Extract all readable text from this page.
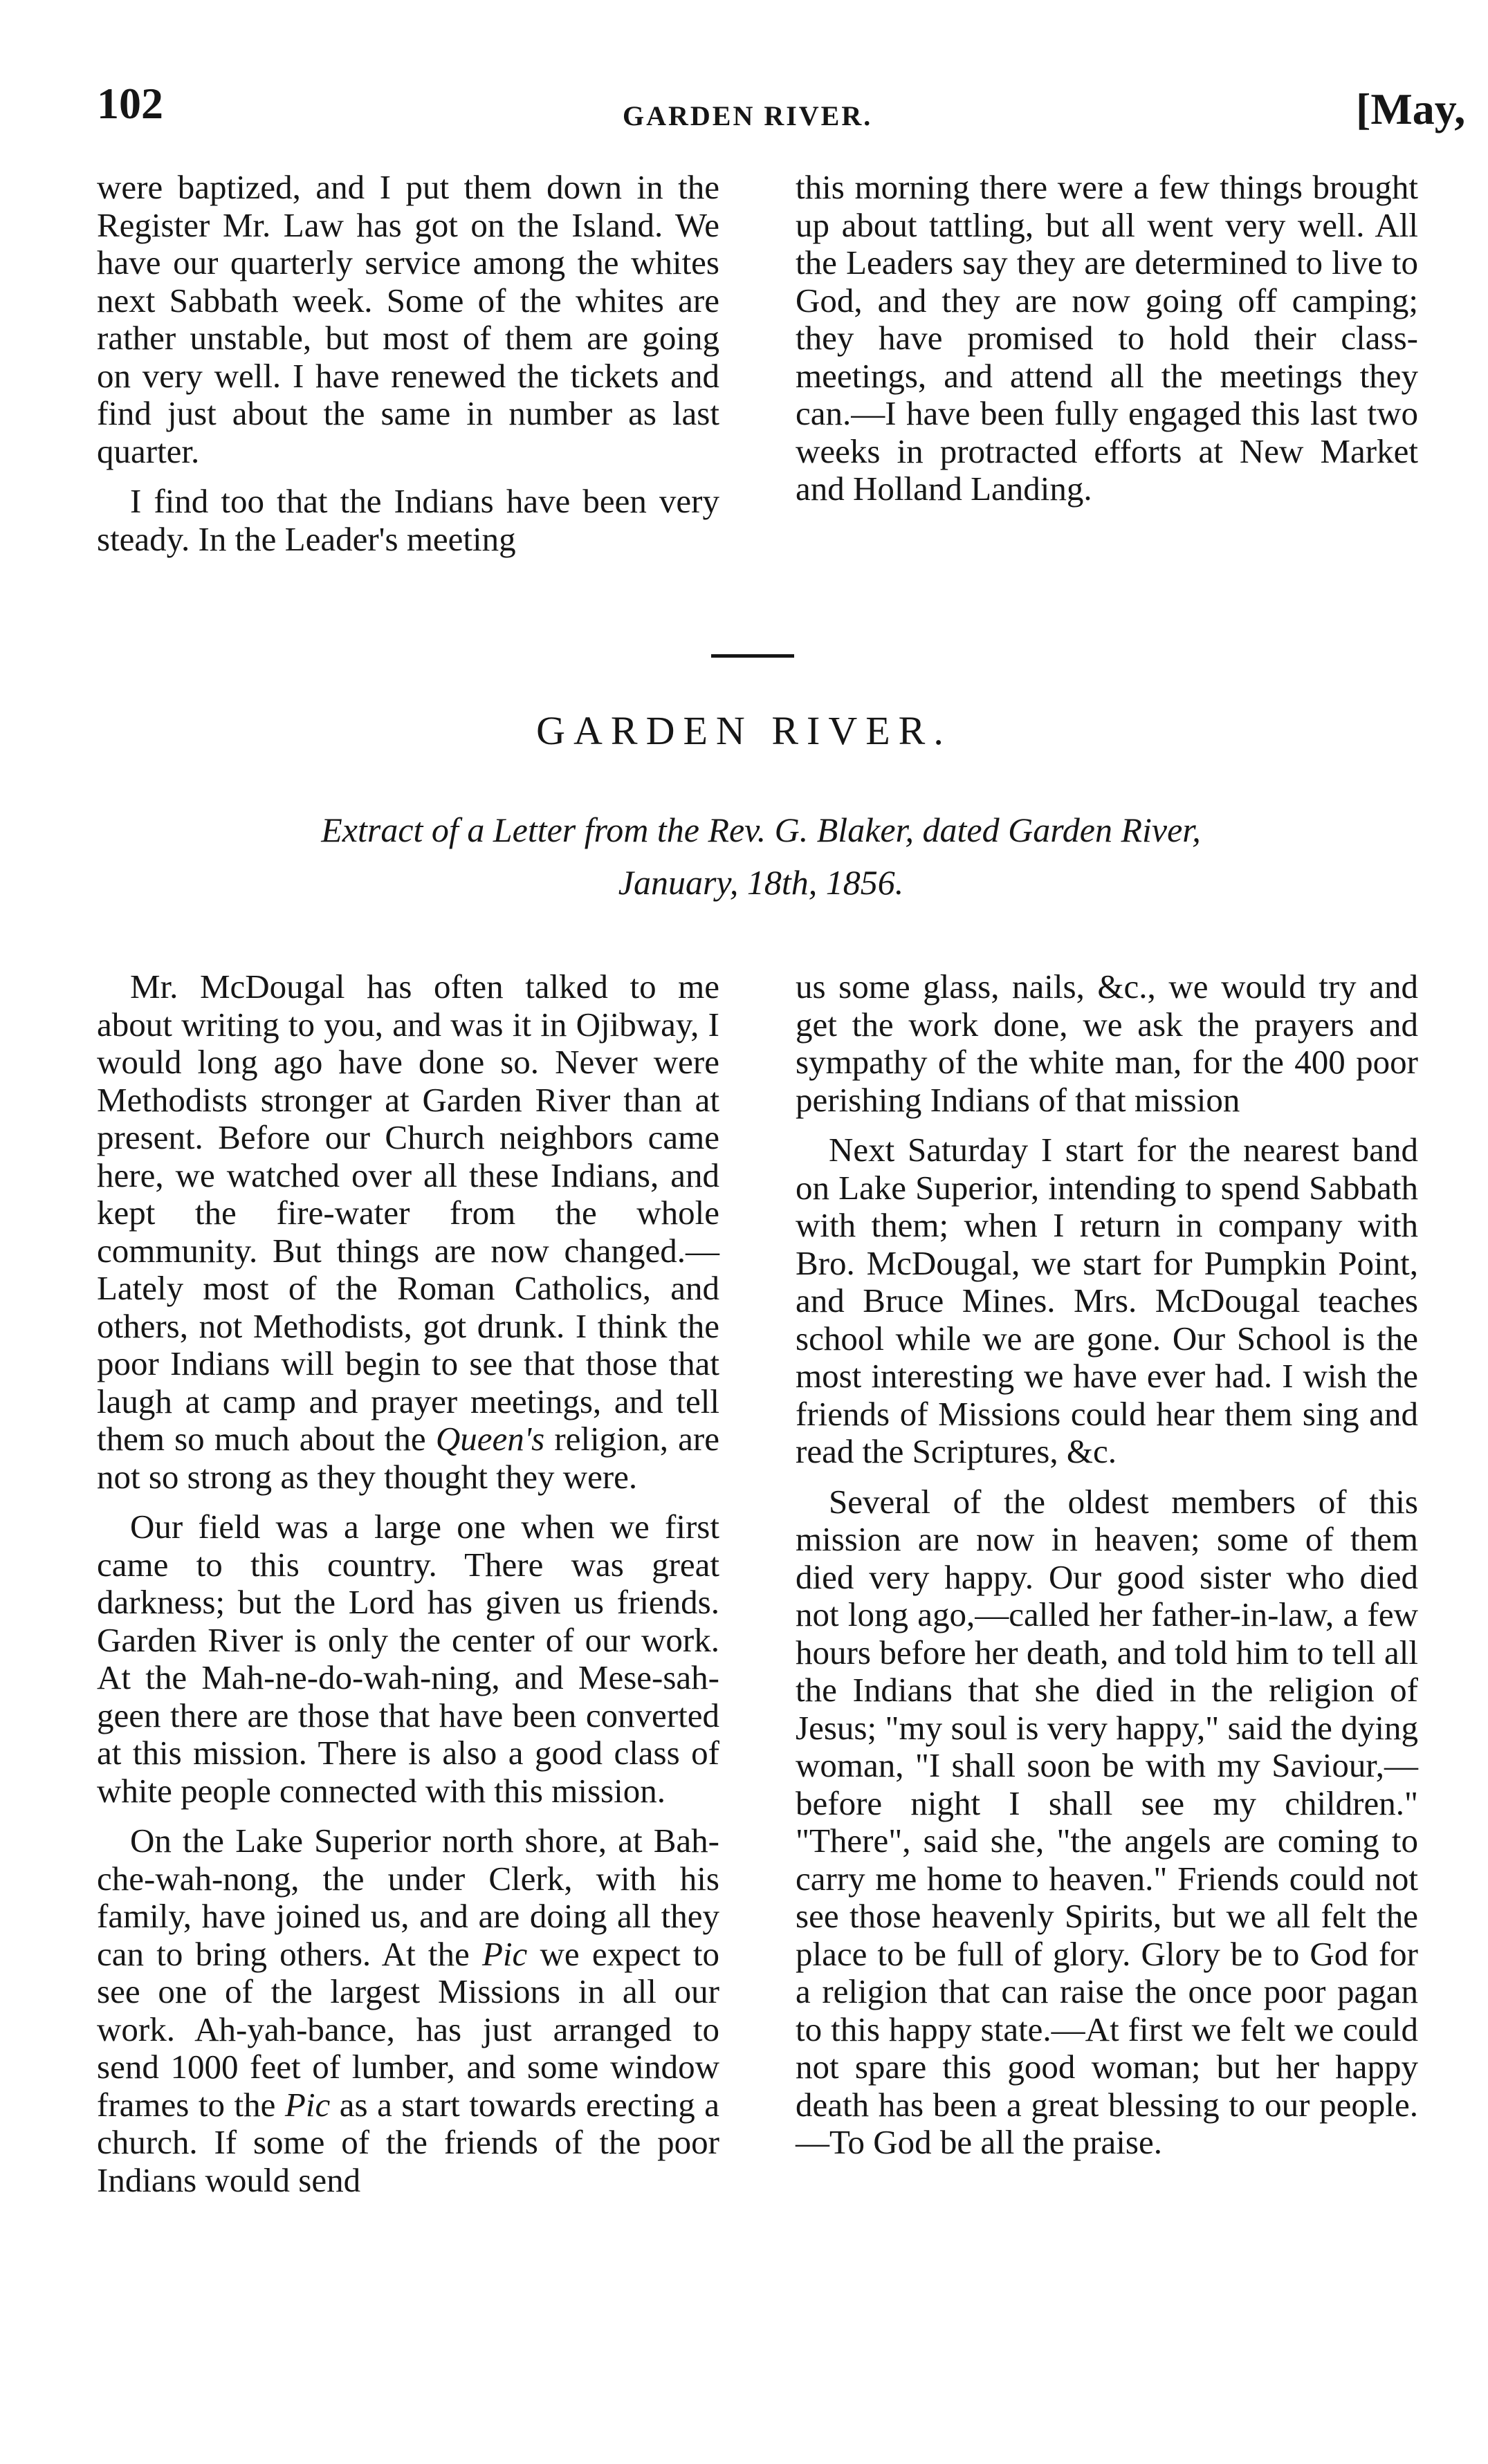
102	GARDEN RIVER.	[May,

were baptized, and I put them down in the Register Mr. Law has got on the Island. We have our quarterly service among the whites next Sabbath week. Some of the whites are rather unstable, but most of them are going on very well. I have renewed the tickets and find just about the same in number as last quarter.

I find too that the Indians have been very steady. In the Leader's meeting

this morning there were a few things brought up about tattling, but all went very well. All the Leaders say they are determined to live to God, and they are now going off camping; they have promised to hold their class-meetings, and attend all the meetings they can.—I have been fully engaged this last two weeks in protracted efforts at New Market and Holland Landing.

GARDEN RIVER.
Extract of a Letter from the Rev. G. Blaker, dated Garden River,
January, 18th, 1856.

Mr. McDougal has often talked to me about writing to you, and was it in Ojibway, I would long ago have done so. Never were Methodists stronger at Garden River than at present. Before our Church neighbors came here, we watched over all these Indians, and kept the fire-water from the whole community. But things are now changed.—Lately most of the Roman Catholics, and others, not Methodists, got drunk. I think the poor Indians will begin to see that those that laugh at camp and prayer meetings, and tell them so much about the Queen's religion, are not so strong as they thought they were.

Our field was a large one when we first came to this country. There was great darkness; but the Lord has given us friends. Garden River is only the center of our work. At the Mah-ne-do-wah-ning, and Mese-sah-geen there are those that have been converted at this mission. There is also a good class of white people connected with this mission.

On the Lake Superior north shore, at Bah-che-wah-nong, the under Clerk, with his family, have joined us, and are doing all they can to bring others. At the Pic we expect to see one of the largest Missions in all our work. Ah-yah-bance, has just arranged to send 1000 feet of lumber, and some window frames to the Pic as a start towards erecting a church. If some of the friends of the poor Indians would send

us some glass, nails, &c., we would try and get the work done, we ask the prayers and sympathy of the white man, for the 400 poor perishing Indians of that mission

Next Saturday I start for the nearest band on Lake Superior, intending to spend Sabbath with them; when I return in company with Bro. McDougal, we start for Pumpkin Point, and Bruce Mines. Mrs. McDougal teaches school while we are gone. Our School is the most interesting we have ever had. I wish the friends of Missions could hear them sing and read the Scriptures, &c.

Several of the oldest members of this mission are now in heaven; some of them died very happy. Our good sister who died not long ago,—called her father-in-law, a few hours before her death, and told him to tell all the Indians that she died in the religion of Jesus; "my soul is very happy," said the dying woman, "I shall soon be with my Saviour,—before night I shall see my children." "There", said she, "the angels are coming to carry me home to heaven." Friends could not see those heavenly Spirits, but we all felt the place to be full of glory. Glory be to God for a religion that can raise the once poor pagan to this happy state.—At first we felt we could not spare this good woman; but her happy death has been a great blessing to our people.—To God be all the praise.
